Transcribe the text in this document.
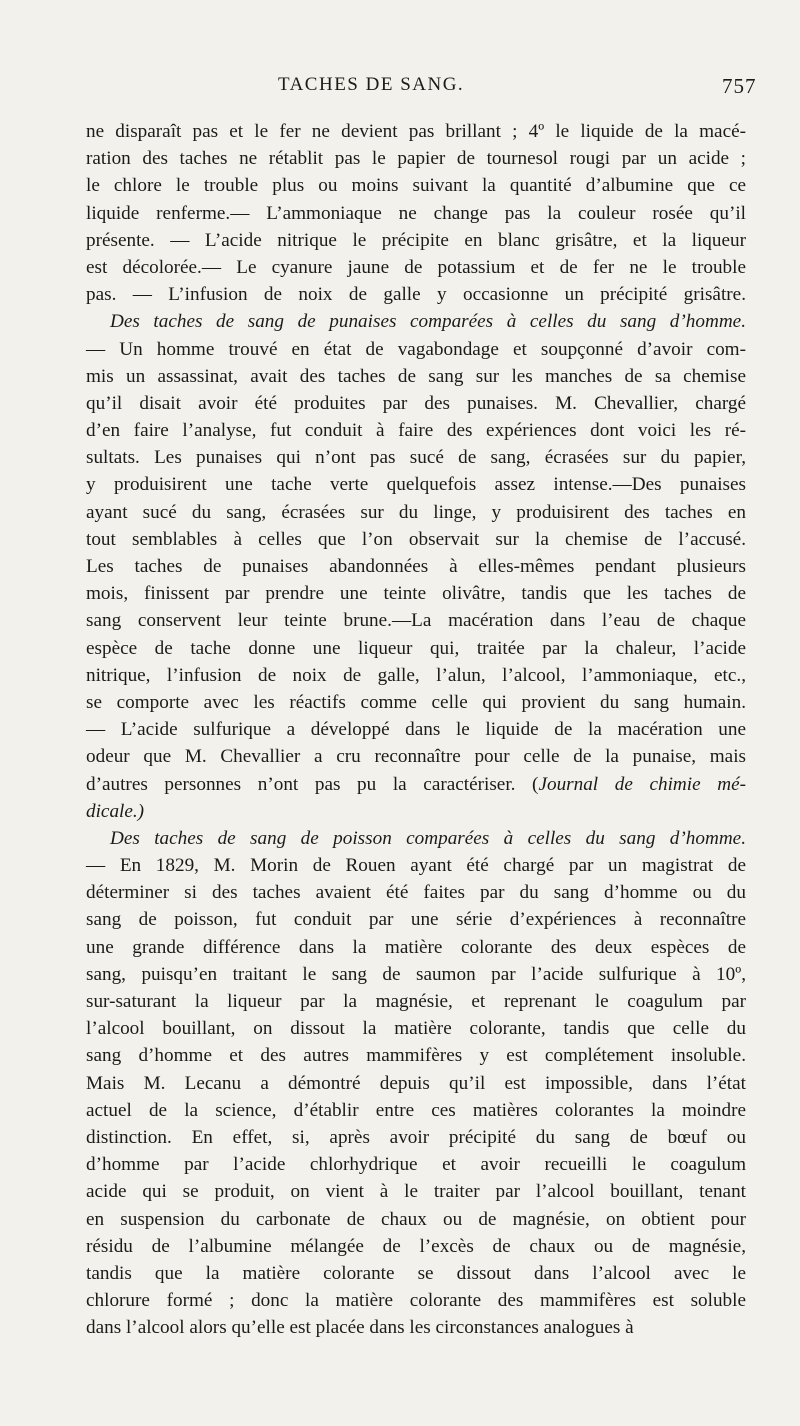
TACHES DE SANG.	757
ne disparaît pas et le fer ne devient pas brillant ; 4º le liquide de la macé-
ration des taches ne rétablit pas le papier de tournesol rougi par un acide ;
le chlore le trouble plus ou moins suivant la quantité d’albumine que ce
liquide renferme.— L’ammoniaque ne change pas la couleur rosée qu’il
présente. — L’acide nitrique le précipite en blanc grisâtre, et la liqueur
est décolorée.— Le cyanure jaune de potassium et de fer ne le trouble
pas. — L’infusion de noix de galle y occasionne un précipité grisâtre.
Des taches de sang de punaises comparées à celles du sang d’homme.
— Un homme trouvé en état de vagabondage et soupçonné d’avoir com-
mis un assassinat, avait des taches de sang sur les manches de sa chemise
qu’il disait avoir été produites par des punaises. M. Chevallier, chargé
d’en faire l’analyse, fut conduit à faire des expériences dont voici les ré-
sultats. Les punaises qui n’ont pas sucé de sang, écrasées sur du papier,
y produisirent une tache verte quelquefois assez intense.—Des punaises
ayant sucé du sang, écrasées sur du linge, y produisirent des taches en
tout semblables à celles que l’on observait sur la chemise de l’accusé.
Les taches de punaises abandonnées à elles-mêmes pendant plusieurs
mois, finissent par prendre une teinte olivâtre, tandis que les taches de
sang conservent leur teinte brune.—La macération dans l’eau de chaque
espèce de tache donne une liqueur qui, traitée par la chaleur, l’acide
nitrique, l’infusion de noix de galle, l’alun, l’alcool, l’ammoniaque, etc.,
se comporte avec les réactifs comme celle qui provient du sang humain.
— L’acide sulfurique a développé dans le liquide de la macération une
odeur que M. Chevallier a cru reconnaître pour celle de la punaise, mais
d’autres personnes n’ont pas pu la caractériser. (Journal de chimie mé-
dicale.)
Des taches de sang de poisson comparées à celles du sang d’homme.
— En 1829, M. Morin de Rouen ayant été chargé par un magistrat de
déterminer si des taches avaient été faites par du sang d’homme ou du
sang de poisson, fut conduit par une série d’expériences à reconnaître
une grande différence dans la matière colorante des deux espèces de
sang, puisqu’en traitant le sang de saumon par l’acide sulfurique à 10º,
sur-saturant la liqueur par la magnésie, et reprenant le coagulum par
l’alcool bouillant, on dissout la matière colorante, tandis que celle du
sang d’homme et des autres mammifères y est complétement insoluble.
Mais M. Lecanu a démontré depuis qu’il est impossible, dans l’état
actuel de la science, d’établir entre ces matières colorantes la moindre
distinction. En effet, si, après avoir précipité du sang de bœuf ou
d’homme par l’acide chlorhydrique et avoir recueilli le coagulum
acide qui se produit, on vient à le traiter par l’alcool bouillant, tenant
en suspension du carbonate de chaux ou de magnésie, on obtient pour
résidu de l’albumine mélangée de l’excès de chaux ou de magnésie,
tandis que la matière colorante se dissout dans l’alcool avec le
chlorure formé ; donc la matière colorante des mammifères est soluble
dans l’alcool alors qu’elle est placée dans les circonstances analogues à
